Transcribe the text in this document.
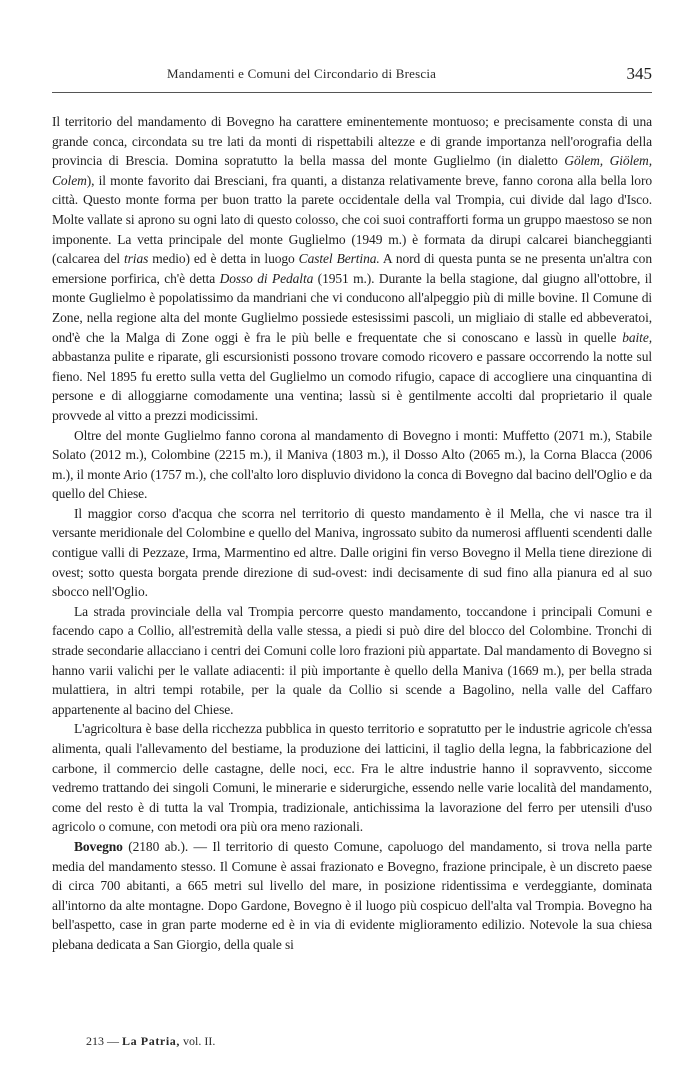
Mandamenti e Comuni del Circondario di Brescia	345

Il territorio del mandamento di Bovegno ha carattere eminentemente montuoso; e precisamente consta di una grande conca, circondata su tre lati da monti di rispettabili altezze e di grande importanza nell'orografia della provincia di Brescia. Domina sopratutto la bella massa del monte Guglielmo (in dialetto Gölem, Giölem, Colem), il monte favorito dai Bresciani, fra quanti, a distanza relativamente breve, fanno corona alla bella loro città. Questo monte forma per buon tratto la parete occidentale della val Trompia, cui divide dal lago d'Isco. Molte vallate si aprono su ogni lato di questo colosso, che coi suoi contrafforti forma un gruppo maestoso se non imponente. La vetta principale del monte Guglielmo (1949 m.) è formata da dirupi calcarei biancheggianti (calcarea del trias medio) ed è detta in luogo Castel Bertina. A nord di questa punta se ne presenta un'altra con emersione porfirica, ch'è detta Dosso di Pedalta (1951 m.). Durante la bella stagione, dal giugno all'ottobre, il monte Guglielmo è popolatissimo da mandriani che vi conducono all'alpeggio più di mille bovine. Il Comune di Zone, nella regione alta del monte Guglielmo possiede estesissimi pascoli, un migliaio di stalle ed abbeveratoi, ond'è che la Malga di Zone oggi è fra le più belle e frequentate che si conoscano e lassù in quelle baite, abbastanza pulite e riparate, gli escursionisti possono trovare comodo ricovero e passare occorrendo la notte sul fieno. Nel 1895 fu eretto sulla vetta del Guglielmo un comodo rifugio, capace di accogliere una cinquantina di persone e di alloggiarne comodamente una ventina; lassù si è gentilmente accolti dal proprietario il quale provvede al vitto a prezzi modicissimi.

Oltre del monte Guglielmo fanno corona al mandamento di Bovegno i monti: Muffetto (2071 m.), Stabile Solato (2012 m.), Colombine (2215 m.), il Maniva (1803 m.), il Dosso Alto (2065 m.), la Corna Blacca (2006 m.), il monte Ario (1757 m.), che coll'alto loro displuvio dividono la conca di Bovegno dal bacino dell'Oglio e da quello del Chiese.

Il maggior corso d'acqua che scorra nel territorio di questo mandamento è il Mella, che vi nasce tra il versante meridionale del Colombine e quello del Maniva, ingrossato subito da numerosi affluenti scendenti dalle contigue valli di Pezzaze, Irma, Marmentino ed altre. Dalle origini fin verso Bovegno il Mella tiene direzione di ovest; sotto questa borgata prende direzione di sud-ovest: indi decisamente di sud fino alla pianura ed al suo sbocco nell'Oglio.

La strada provinciale della val Trompia percorre questo mandamento, toccandone i principali Comuni e facendo capo a Collio, all'estremità della valle stessa, a piedi si può dire del blocco del Colombine. Tronchi di strade secondarie allacciano i centri dei Comuni colle loro frazioni più appartate. Dal mandamento di Bovegno si hanno varii valichi per le vallate adiacenti: il più importante è quello della Maniva (1669 m.), per bella strada mulattiera, in altri tempi rotabile, per la quale da Collio si scende a Bagolino, nella valle del Caffaro appartenente al bacino del Chiese.

L'agricoltura è base della ricchezza pubblica in questo territorio e sopratutto per le industrie agricole ch'essa alimenta, quali l'allevamento del bestiame, la produzione dei latticini, il taglio della legna, la fabbricazione del carbone, il commercio delle castagne, delle noci, ecc. Fra le altre industrie hanno il sopravvento, siccome vedremo trattando dei singoli Comuni, le minerarie e siderurgiche, essendo nelle varie località del mandamento, come del resto è di tutta la val Trompia, tradizionale, antichissima la lavorazione del ferro per utensili d'uso agricolo o comune, con metodi ora più ora meno razionali.

Bovegno (2180 ab.). — Il territorio di questo Comune, capoluogo del mandamento, si trova nella parte media del mandamento stesso. Il Comune è assai frazionato e Bovegno, frazione principale, è un discreto paese di circa 700 abitanti, a 665 metri sul livello del mare, in posizione ridentissima e verdeggiante, dominata all'intorno da alte montagne. Dopo Gardone, Bovegno è il luogo più cospicuo dell'alta val Trompia. Bovegno ha bell'aspetto, case in gran parte moderne ed è in via di evidente miglioramento edilizio. Notevole la sua chiesa plebana dedicata a San Giorgio, della quale si

213 — La Patria, vol. II.
